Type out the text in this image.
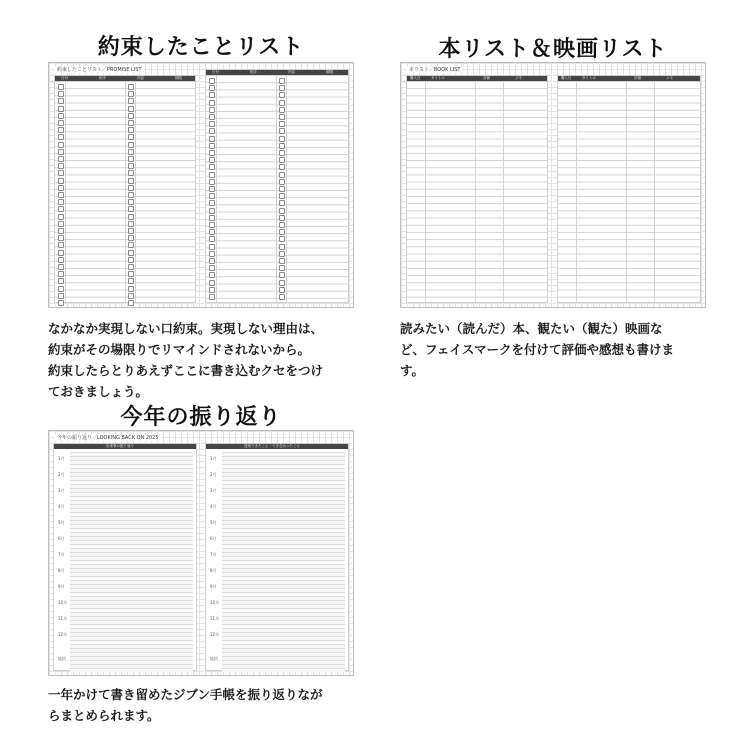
約束したことリスト
約束したことリスト／PROMISE LIST
日付	相手	内容	期限
日付	相手	内容	期限
なかなか実現しない口約束。実現しない理由は、
約束がその場限りでリマインドされないから。
約束したらとりあえずここに書き込むクセをつけ
ておきましょう。
本リスト＆映画リスト
本リスト／BOOK LIST
購入日	タイトル	評価	メモ	購入日	タイトル	評価	メモ
読みたい（読んだ）本、観たい（観た）映画な
ど、フェイスマークを付けて評価や感想も書けま
す。
今年の振り返り
今年の振り返り／LOOKING BACK ON 2025
出来事の振り返り
1月
2月
3月
4月
5月
6月
7月
8月
9月
10月
11月
12月
総括
達成できたこと・できなかったこと
1月
2月
3月
4月
5月
6月
7月
8月
9月
10月
11月
12月
総括
一年かけて書き留めたジブン手帳を振り返りなが
らまとめられます。
